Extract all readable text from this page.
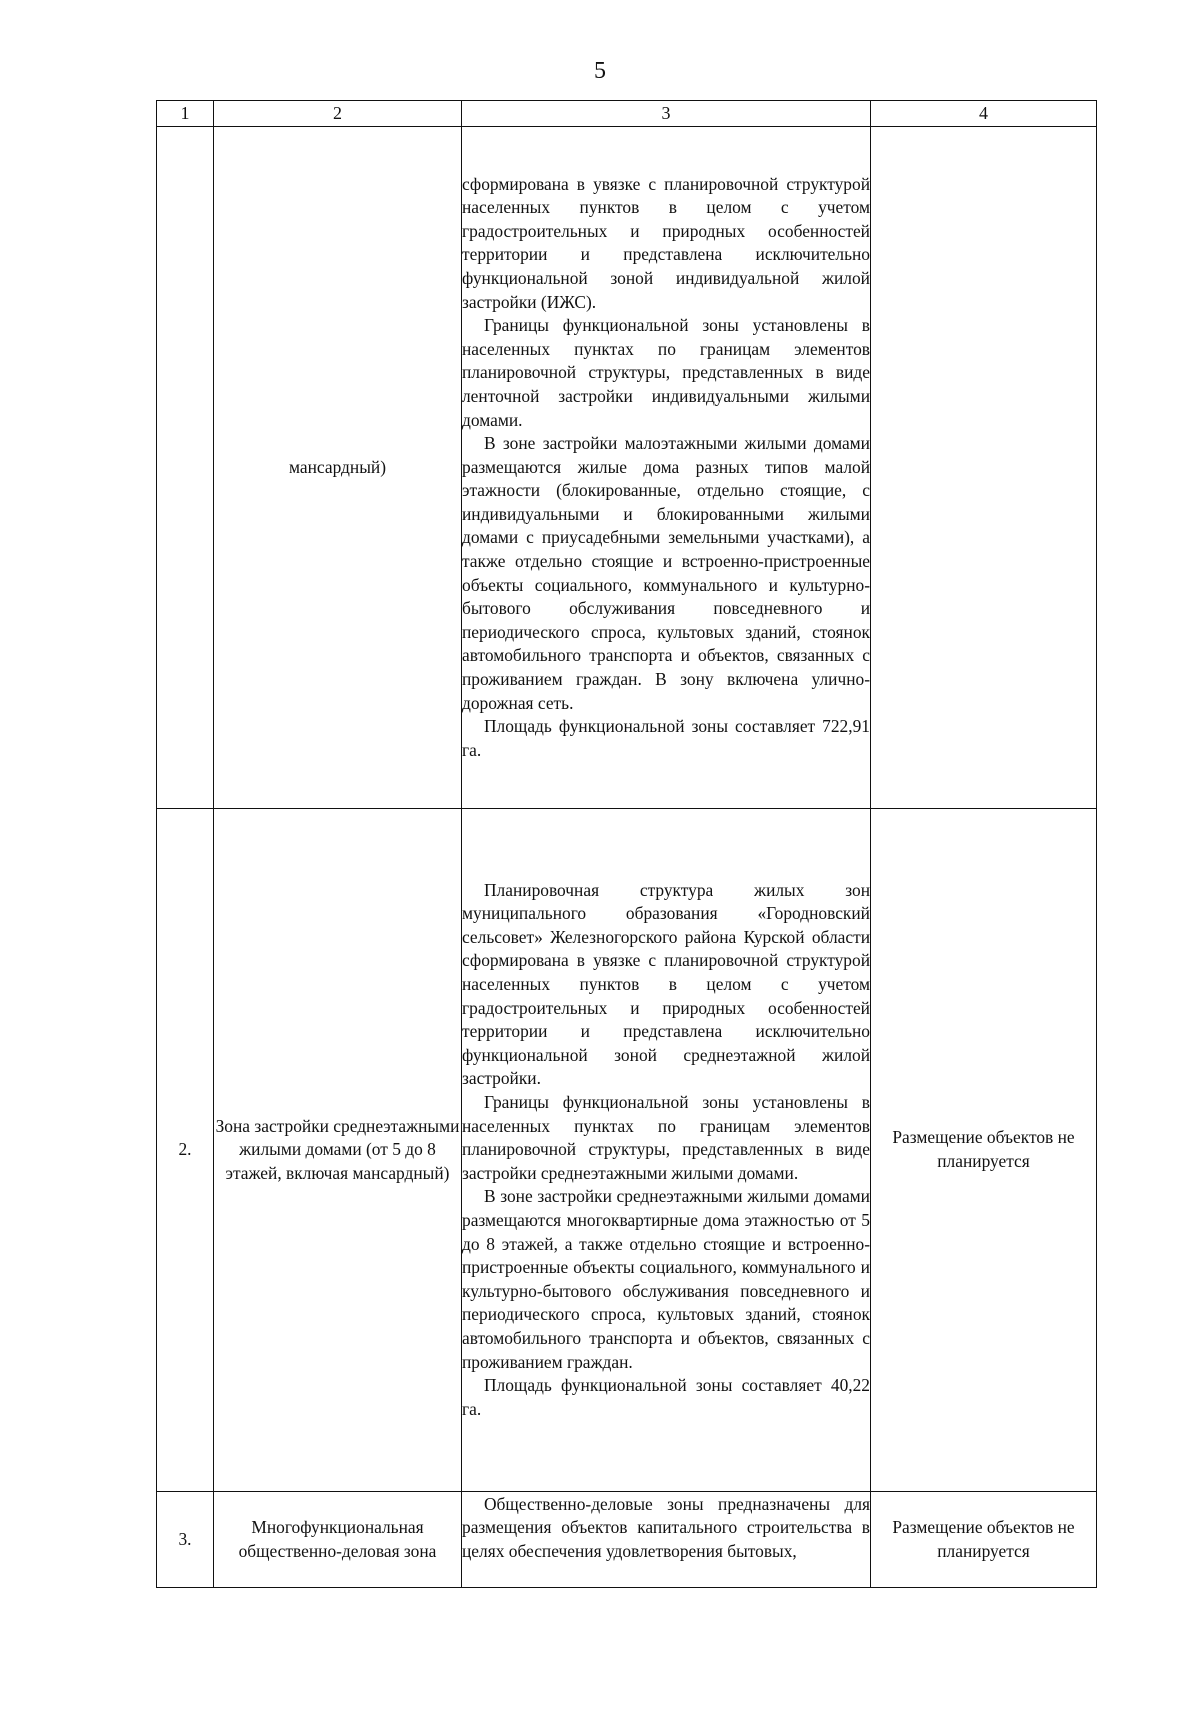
5
1	2	3	4
	мансардный)	сформирована в увязке с планировочной структурой населенных пунктов в целом с учетом градостроительных и природных особенностей территории и представлена исключительно функциональной зоной индивидуальной жилой застройки (ИЖС).

Границы функциональной зоны установлены в населенных пунктах по границам элементов планировочной структуры, представленных в виде ленточной застройки индивидуальными жилыми домами.

В зоне застройки малоэтажными жилыми домами размещаются жилые дома разных типов малой этажности (блокированные, отдельно стоящие, с индивидуальными и блокированными жилыми домами с приусадебными земельными участками), а также отдельно стоящие и встроенно-пристроенные объекты социального, коммунального и культурно-бытового обслуживания повседневного и периодического спроса, культовых зданий, стоянок автомобильного транспорта и объектов, связанных с проживанием граждан. В зону включена улично-дорожная сеть.

Площадь функциональной зоны составляет 722,91 га.	

2.	Зона застройки среднеэтажными жилыми домами (от 5 до 8 этажей, включая мансардный)	Планировочная структура жилых зон муниципального образования «Городновский сельсовет» Железногорского района Курской области сформирована в увязке с планировочной структурой населенных пунктов в целом с учетом градостроительных и природных особенностей территории и представлена исключительно функциональной зоной среднеэтажной жилой застройки.

Границы функциональной зоны установлены в населенных пунктах по границам элементов планировочной структуры, представленных в виде застройки среднеэтажными жилыми домами.

В зоне застройки среднеэтажными жилыми домами размещаются многоквартирные дома этажностью от 5 до 8 этажей, а также отдельно стоящие и встроенно-пристроенные объекты социального, коммунального и культурно-бытового обслуживания повседневного и периодического спроса, культовых зданий, стоянок автомобильного транспорта и объектов, связанных с проживанием граждан.

Площадь функциональной зоны составляет 40,22 га.	Размещение объектов не планируется
3.	Многофункциональная общественно-деловая зона	Общественно-деловые зоны предназначены для размещения объектов капитального строительства в целях обеспечения удовлетворения бытовых,	Размещение объектов не планируется
